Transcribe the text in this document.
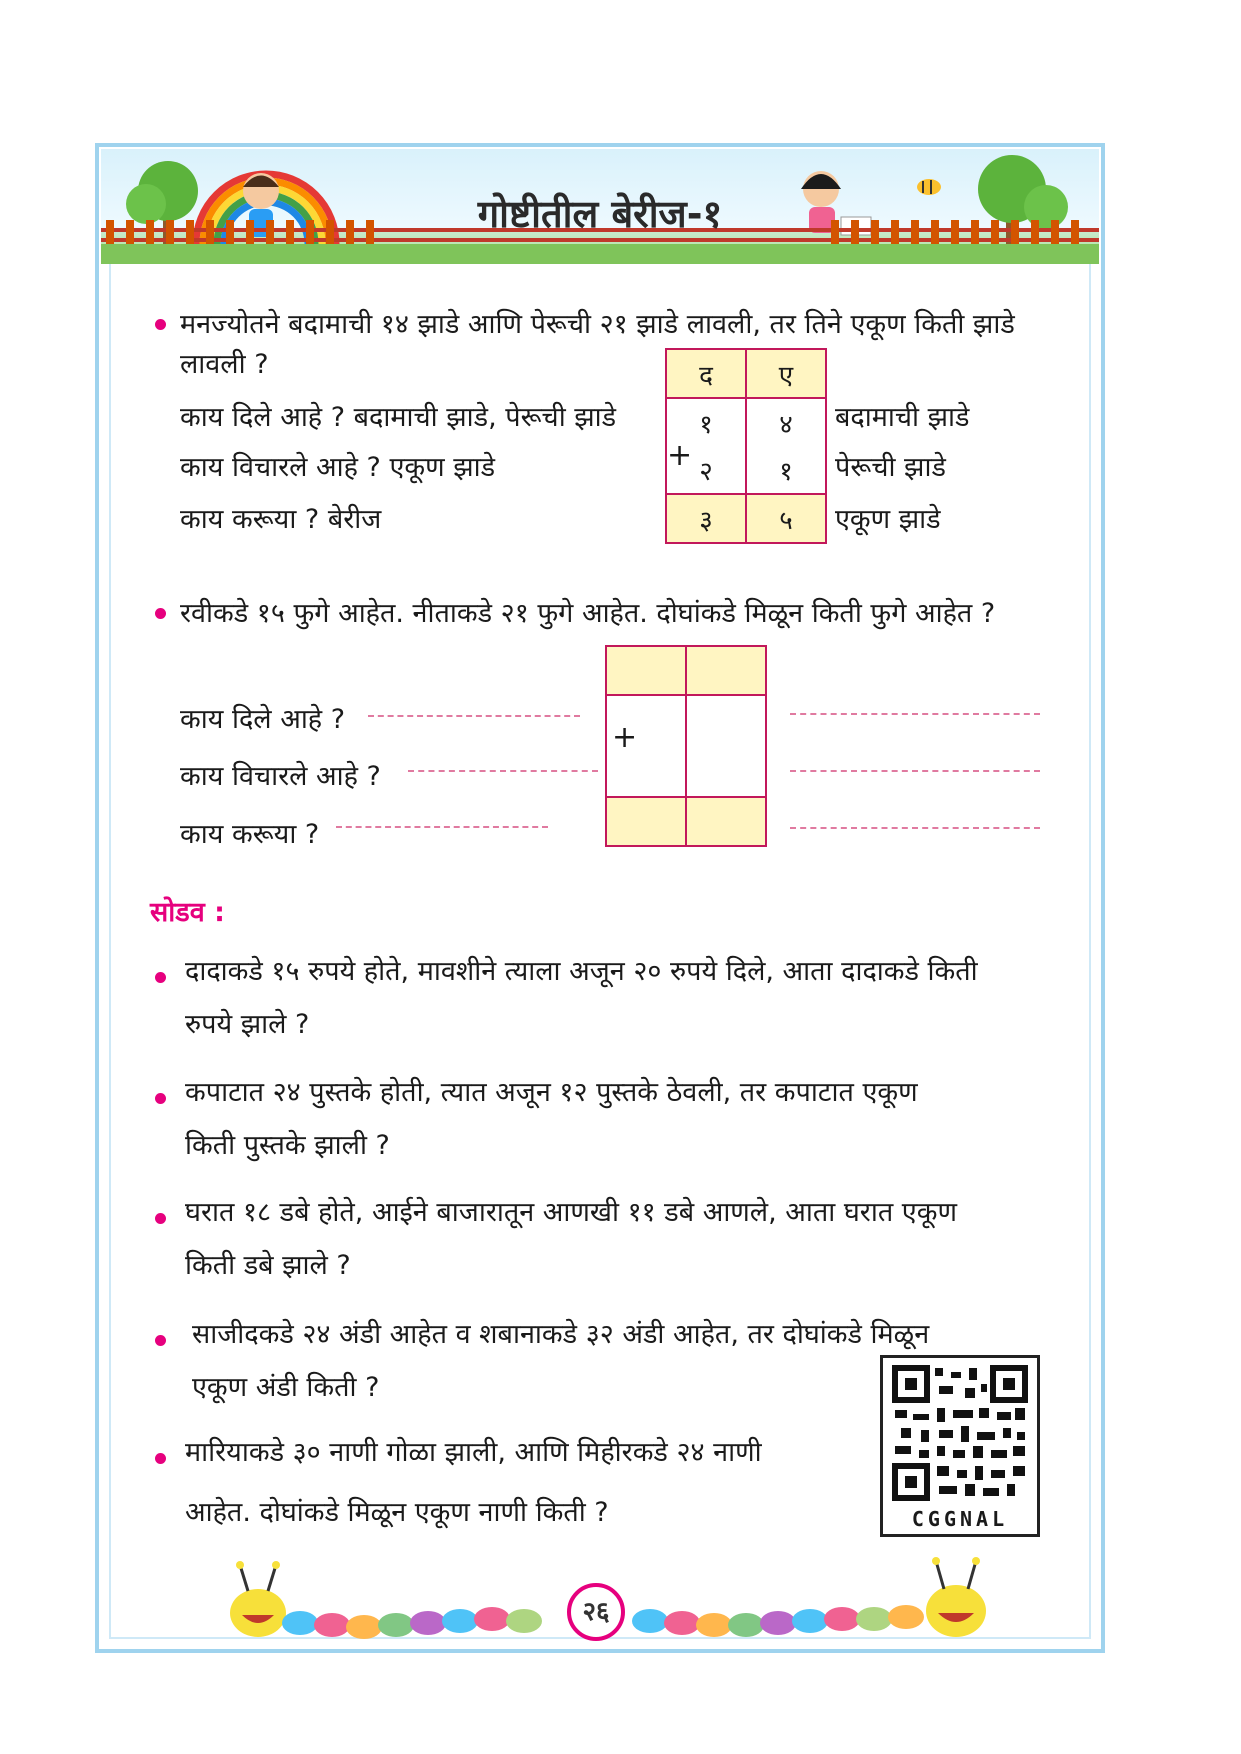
गोष्टीतील बेरीज-१
मनज्योतने बदामाची १४ झाडे आणि पेरूची २१ झाडे लावली, तर तिने एकूण किती झाडे
लावली ?
काय दिले आहे ? बदामाची झाडे, पेरूची झाडे
काय विचारले आहे ? एकूण झाडे
काय करूया ? बेरीज
द	ए
१	४
२	१
३	५
+
बदामाची झाडे
पेरूची झाडे
एकूण झाडे
रवीकडे १५ फुगे आहेत. नीताकडे २१ फुगे आहेत. दोघांकडे मिळून किती फुगे आहेत ?

+
काय दिले आहे ?
काय विचारले आहे ?
काय करूया ?
सोडव :
दादाकडे १५ रुपये होते, मावशीने त्याला अजून २० रुपये दिले, आता दादाकडे किती
रुपये झाले ?
कपाटात २४ पुस्तके होती, त्यात अजून १२ पुस्तके ठेवली, तर कपाटात एकूण
किती पुस्तके झाली ?
घरात १८ डबे होते, आईने बाजारातून आणखी ११ डबे आणले, आता घरात एकूण
किती डबे झाले ?
साजीदकडे २४ अंडी आहेत व शबानाकडे ३२ अंडी आहेत, तर दोघांकडे मिळून
एकूण अंडी किती ?
मारियाकडे ३० नाणी गोळा झाली, आणि मिहीरकडे २४ नाणी
आहेत. दोघांकडे मिळून एकूण नाणी किती ?	CGGNAL
२६
